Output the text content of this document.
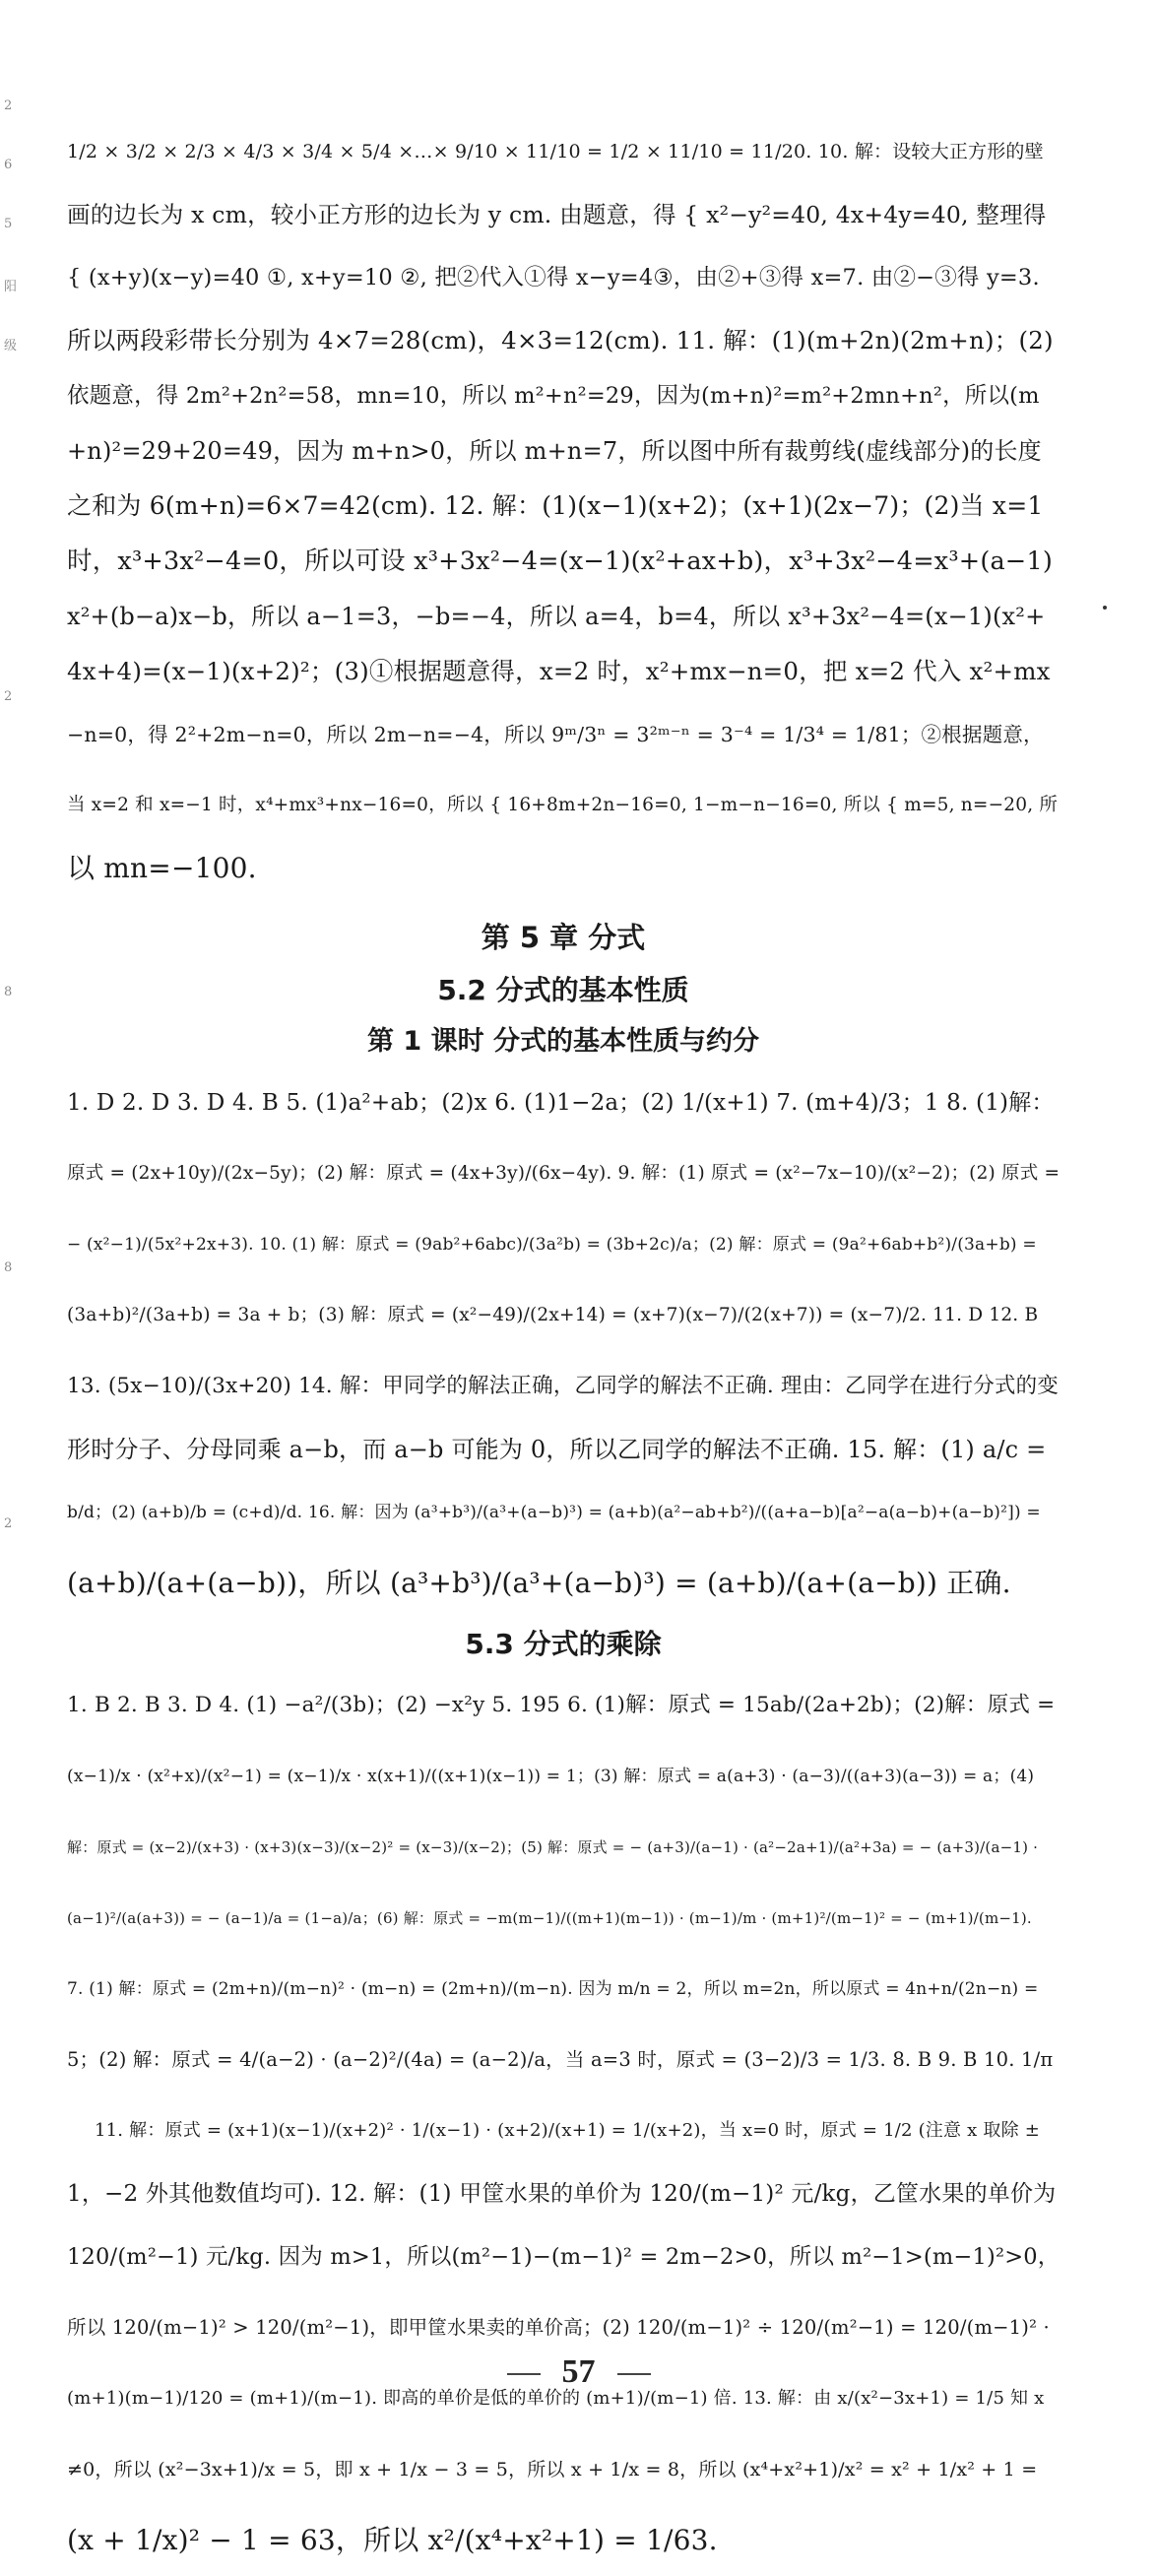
2
6
5
阳
级
2
8
8
2
1/2 × 3/2 × 2/3 × 4/3 × 3/4 × 5/4 ×…× 9/10 × 11/10 = 1/2 × 11/10 = 11/20. 10. 解：设较大正方形的壁
画的边长为 x cm，较小正方形的边长为 y cm. 由题意，得 { x²−y²=40, 4x+4y=40, 整理得
{ (x+y)(x−y)=40 ①, x+y=10 ②, 把②代入①得 x−y=4③，由②+③得 x=7. 由②−③得 y=3.
所以两段彩带长分别为 4×7=28(cm)，4×3=12(cm). 11. 解：(1)(m+2n)(2m+n)；(2)
依题意，得 2m²+2n²=58，mn=10，所以 m²+n²=29，因为(m+n)²=m²+2mn+n²，所以(m
+n)²=29+20=49，因为 m+n>0，所以 m+n=7，所以图中所有裁剪线(虚线部分)的长度
之和为 6(m+n)=6×7=42(cm). 12. 解：(1)(x−1)(x+2)；(x+1)(2x−7)；(2)当 x=1
时，x³+3x²−4=0，所以可设 x³+3x²−4=(x−1)(x²+ax+b)，x³+3x²−4=x³+(a−1)
x²+(b−a)x−b，所以 a−1=3，−b=−4，所以 a=4，b=4，所以 x³+3x²−4=(x−1)(x²+
4x+4)=(x−1)(x+2)²；(3)①根据题意得，x=2 时，x²+mx−n=0，把 x=2 代入 x²+mx
−n=0，得 2²+2m−n=0，所以 2m−n=−4，所以 9ᵐ/3ⁿ = 3²ᵐ⁻ⁿ = 3⁻⁴ = 1/3⁴ = 1/81；②根据题意，
当 x=2 和 x=−1 时，x⁴+mx³+nx−16=0，所以 { 16+8m+2n−16=0, 1−m−n−16=0, 所以 { m=5, n=−20, 所
以 mn=−100.
第 5 章 分式
5.2 分式的基本性质
第 1 课时 分式的基本性质与约分
1. D 2. D 3. D 4. B 5. (1)a²+ab；(2)x 6. (1)1−2a；(2) 1/(x+1) 7. (m+4)/3；1 8. (1)解：
原式 = (2x+10y)/(2x−5y)；(2) 解：原式 = (4x+3y)/(6x−4y). 9. 解：(1) 原式 = (x²−7x−10)/(x²−2)；(2) 原式 =
− (x²−1)/(5x²+2x+3). 10. (1) 解：原式 = (9ab²+6abc)/(3a²b) = (3b+2c)/a；(2) 解：原式 = (9a²+6ab+b²)/(3a+b) =
(3a+b)²/(3a+b) = 3a + b；(3) 解：原式 = (x²−49)/(2x+14) = (x+7)(x−7)/(2(x+7)) = (x−7)/2. 11. D 12. B
13. (5x−10)/(3x+20) 14. 解：甲同学的解法正确，乙同学的解法不正确. 理由：乙同学在进行分式的变
形时分子、分母同乘 a−b，而 a−b 可能为 0，所以乙同学的解法不正确. 15. 解：(1) a/c =
b/d；(2) (a+b)/b = (c+d)/d. 16. 解：因为 (a³+b³)/(a³+(a−b)³) = (a+b)(a²−ab+b²)/((a+a−b)[a²−a(a−b)+(a−b)²]) =
(a+b)/(a+(a−b))，所以 (a³+b³)/(a³+(a−b)³) = (a+b)/(a+(a−b)) 正确.
5.3 分式的乘除
1. B 2. B 3. D 4. (1) −a²/(3b)；(2) −x²y 5. 195 6. (1)解：原式 = 15ab/(2a+2b)；(2)解：原式 =
(x−1)/x · (x²+x)/(x²−1) = (x−1)/x · x(x+1)/((x+1)(x−1)) = 1；(3) 解：原式 = a(a+3) · (a−3)/((a+3)(a−3)) = a；(4)
解：原式 = (x−2)/(x+3) · (x+3)(x−3)/(x−2)² = (x−3)/(x−2)；(5) 解：原式 = − (a+3)/(a−1) · (a²−2a+1)/(a²+3a) = − (a+3)/(a−1) ·
(a−1)²/(a(a+3)) = − (a−1)/a = (1−a)/a；(6) 解：原式 = −m(m−1)/((m+1)(m−1)) · (m−1)/m · (m+1)²/(m−1)² = − (m+1)/(m−1).
7. (1) 解：原式 = (2m+n)/(m−n)² · (m−n) = (2m+n)/(m−n). 因为 m/n = 2，所以 m=2n，所以原式 = 4n+n/(2n−n) =
5；(2) 解：原式 = 4/(a−2) · (a−2)²/(4a) = (a−2)/a，当 a=3 时，原式 = (3−2)/3 = 1/3. 8. B 9. B 10. 1/π
11. 解：原式 = (x+1)(x−1)/(x+2)² · 1/(x−1) · (x+2)/(x+1) = 1/(x+2)，当 x=0 时，原式 = 1/2 (注意 x 取除 ±
1，−2 外其他数值均可). 12. 解：(1) 甲筐水果的单价为 120/(m−1)² 元/kg，乙筐水果的单价为
120/(m²−1) 元/kg. 因为 m>1，所以(m²−1)−(m−1)² = 2m−2>0，所以 m²−1>(m−1)²>0，
所以 120/(m−1)² > 120/(m²−1)，即甲筐水果卖的单价高；(2) 120/(m−1)² ÷ 120/(m²−1) = 120/(m−1)² ·
(m+1)(m−1)/120 = (m+1)/(m−1). 即高的单价是低的单价的 (m+1)/(m−1) 倍. 13. 解：由 x/(x²−3x+1) = 1/5 知 x
≠0，所以 (x²−3x+1)/x = 5，即 x + 1/x − 3 = 5，所以 x + 1/x = 8，所以 (x⁴+x²+1)/x² = x² + 1/x² + 1 =
(x + 1/x)² − 1 = 63，所以 x²/(x⁴+x²+1) = 1/63.
57
